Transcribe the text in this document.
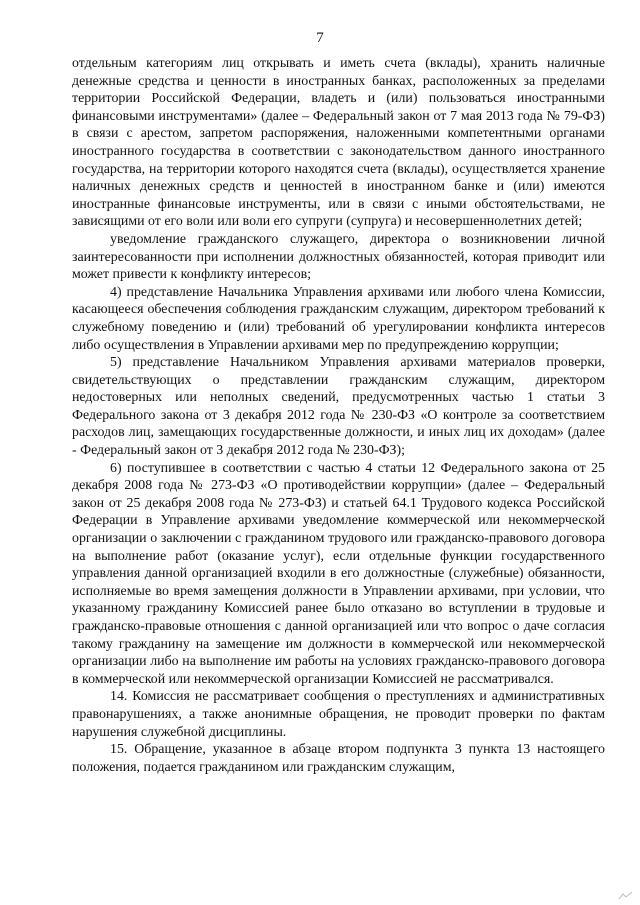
7

отдельным категориям лиц открывать и иметь счета (вклады), хранить наличные денежные средства и ценности в иностранных банках, расположенных за пределами территории Российской Федерации, владеть и (или) пользоваться иностранными финансовыми инструментами» (далее – Федеральный закон от 7 мая 2013 года № 79-ФЗ) в связи с арестом, запретом распоряжения, наложенными компетентными органами иностранного государства в соответствии с законодательством данного иностранного государства, на территории которого находятся счета (вклады), осуществляется хранение наличных денежных средств и ценностей в иностранном банке и (или) имеются иностранные финансовые инструменты, или в связи с иными обстоятельствами, не зависящими от его воли или воли его супруги (супруга) и несовершеннолетних детей;

уведомление гражданского служащего, директора о возникновении личной заинтересованности при исполнении должностных обязанностей, которая приводит или может привести к конфликту интересов;

4) представление Начальника Управления архивами или любого члена Комиссии, касающееся обеспечения соблюдения гражданским служащим, директором требований к служебному поведению и (или) требований об урегулировании конфликта интересов либо осуществления в Управлении архивами мер по предупреждению коррупции;

5) представление Начальником Управления архивами материалов проверки, свидетельствующих о представлении гражданским служащим, директором недостоверных или неполных сведений, предусмотренных частью 1 статьи 3 Федерального закона от 3 декабря 2012 года № 230-ФЗ «О контроле за соответствием расходов лиц, замещающих государственные должности, и иных лиц их доходам» (далее - Федеральный закон от 3 декабря 2012 года № 230-ФЗ);

6) поступившее в соответствии с частью 4 статьи 12 Федерального закона от 25 декабря 2008 года № 273-ФЗ «О противодействии коррупции» (далее – Федеральный закон от 25 декабря 2008 года № 273-ФЗ) и статьей 64.1 Трудового кодекса Российской Федерации в Управление архивами уведомление коммерческой или некоммерческой организации о заключении с гражданином трудового или гражданско-правового договора на выполнение работ (оказание услуг), если отдельные функции государственного управления данной организацией входили в его должностные (служебные) обязанности, исполняемые во время замещения должности в Управлении архивами, при условии, что указанному гражданину Комиссией ранее было отказано во вступлении в трудовые и гражданско-правовые отношения с данной организацией или что вопрос о даче согласия такому гражданину на замещение им должности в коммерческой или некоммерческой организации либо на выполнение им работы на условиях гражданско-правового договора в коммерческой или некоммерческой организации Комиссией не рассматривался.

14. Комиссия не рассматривает сообщения о преступлениях и административных правонарушениях, а также анонимные обращения, не проводит проверки по фактам нарушения служебной дисциплины.

15. Обращение, указанное в абзаце втором подпункта 3 пункта 13 настоящего положения, подается гражданином или гражданским служащим,
